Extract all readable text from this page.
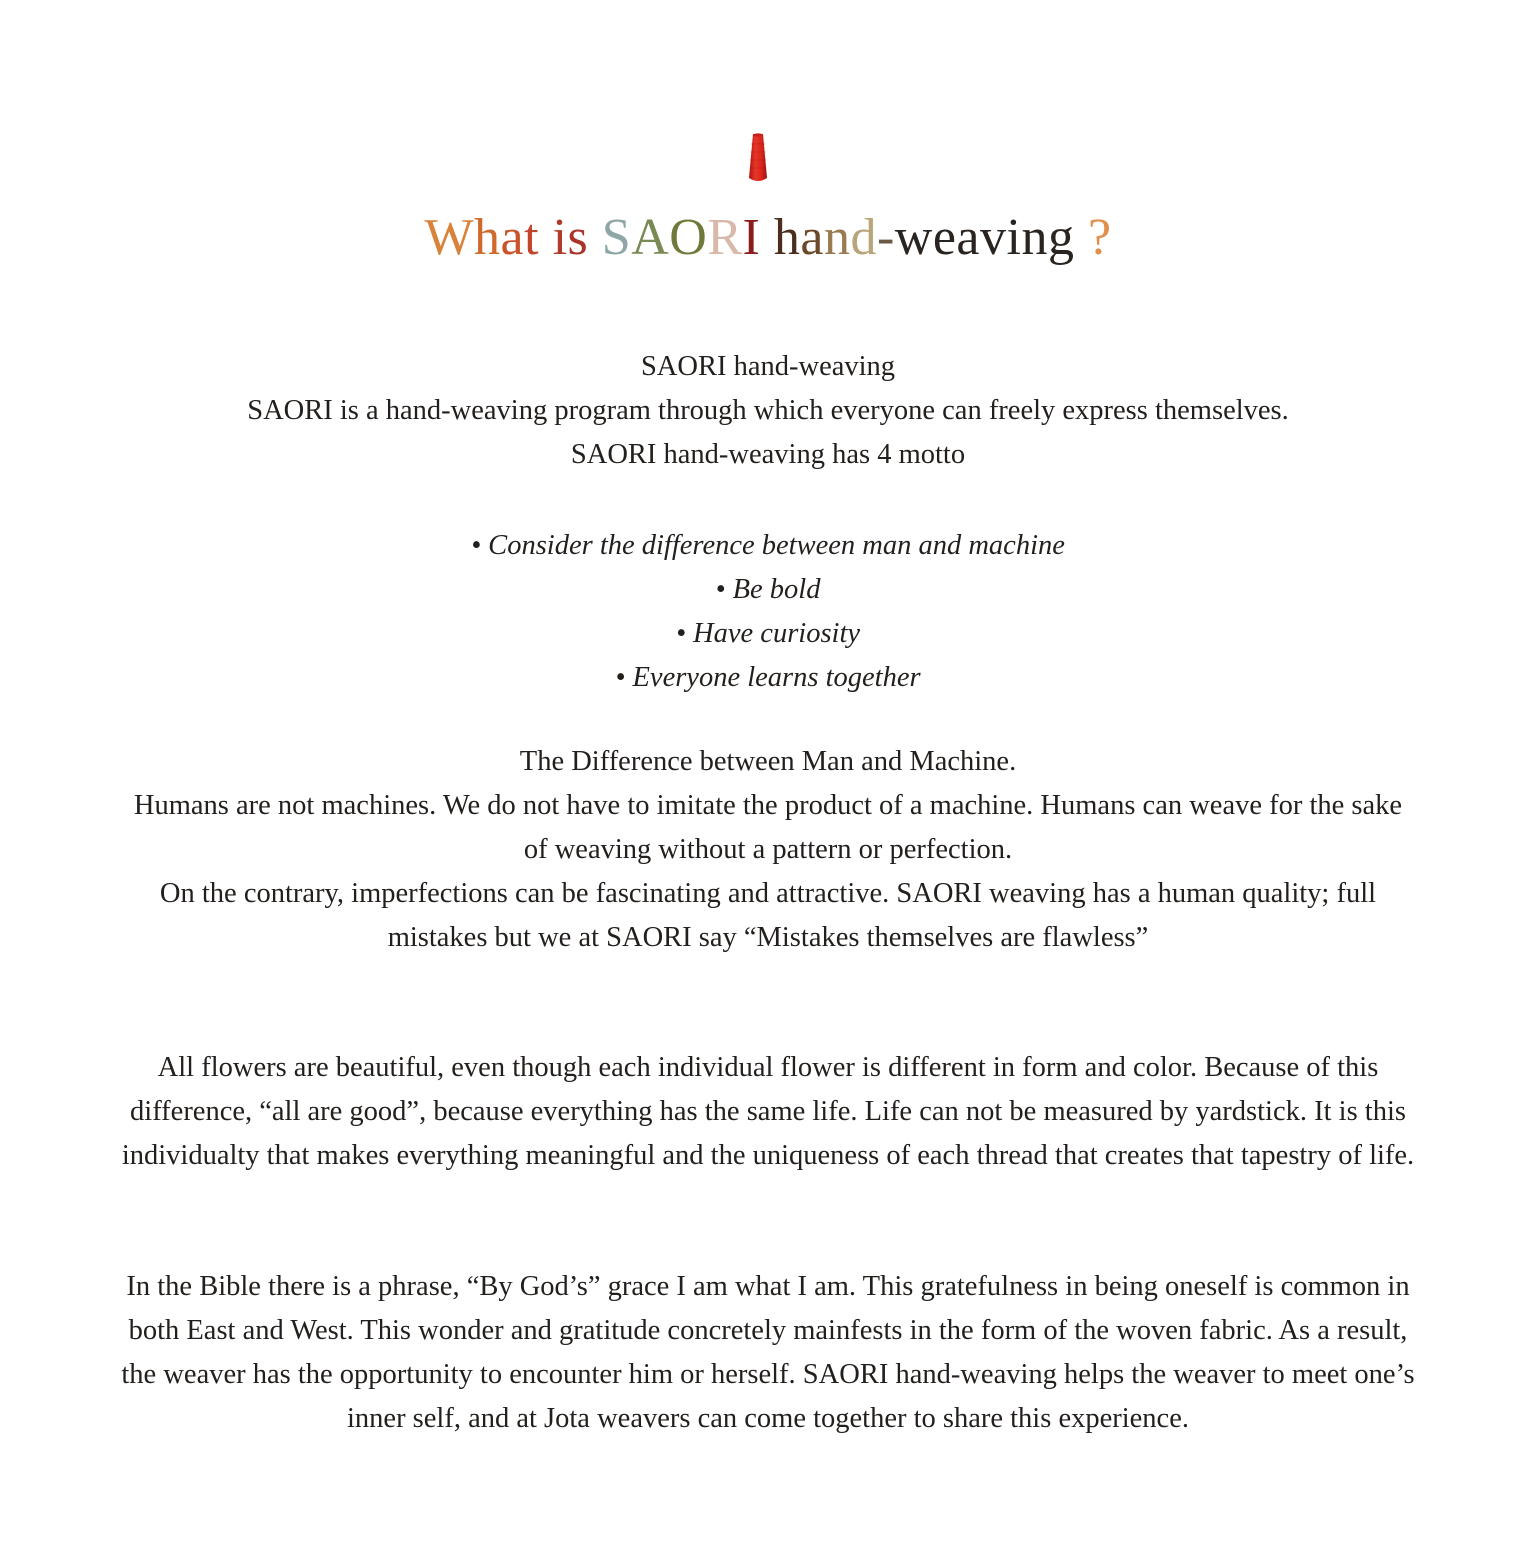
What is SAORI hand-weaving ?

SAORI hand-weaving

SAORI is a hand-weaving program through which everyone can freely express themselves.

SAORI hand-weaving has 4 motto

• Consider the difference between man and machine

• Be bold

• Have curiosity

• Everyone learns together

The Difference between Man and Machine.

Humans are not machines. We do not have to imitate the product of a machine. Humans can weave for the sake of weaving without a pattern or perfection.

On the contrary, imperfections can be fascinating and attractive. SAORI weaving has a human quality; full mistakes but we at SAORI say “Mistakes themselves are flawless”

All flowers are beautiful, even though each individual flower is different in form and color. Because of this difference, “all are good”, because everything has the same life. Life can not be measured by yardstick. It is this individualty that makes everything meaningful and the uniqueness of each thread that creates that tapestry of life.
In the Bible there is a phrase, “By God’s” grace I am what I am. This gratefulness in being oneself is common in both East and West. This wonder and gratitude concretely mainfests in the form of the woven fabric. As a result, the weaver has the opportunity to encounter him or herself. SAORI hand-weaving helps the weaver to meet one’s inner self, and at Jota weavers can come together to share this experience.
